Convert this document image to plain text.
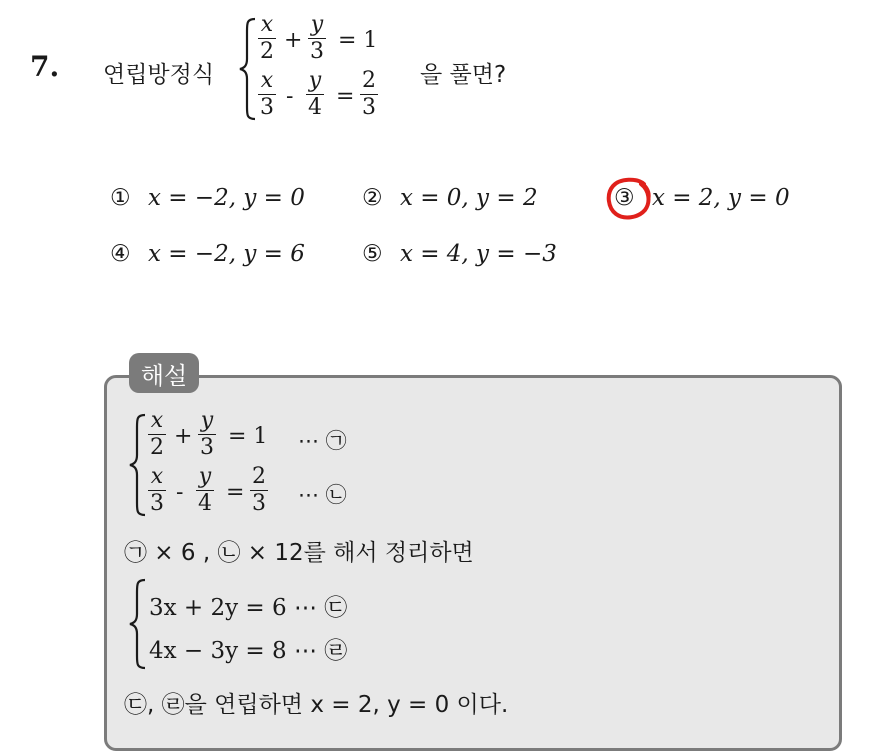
7. 연립방정식
x
2 +
y
3 = 1
x
3 -
y
4 =
2
3
을 풀면?
① x = −2, y = 0 ② x = 0, y = 2	③ x = 2, y = 0
④ x = −2, y = 6 ⑤ x = 4, y = −3
해설
x
2 +
y
3 = 1 ⋯ ㉠
x
3 -
y
4 =
2
3 ⋯ ㉡
㉠ × 6 , ㉡ × 12를 해서 정리하면
3x + 2y = 6 ⋯ ㉢
4x − 3y = 8 ⋯ ㉣
㉢, ㉣을 연립하면 x = 2, y = 0 이다.
